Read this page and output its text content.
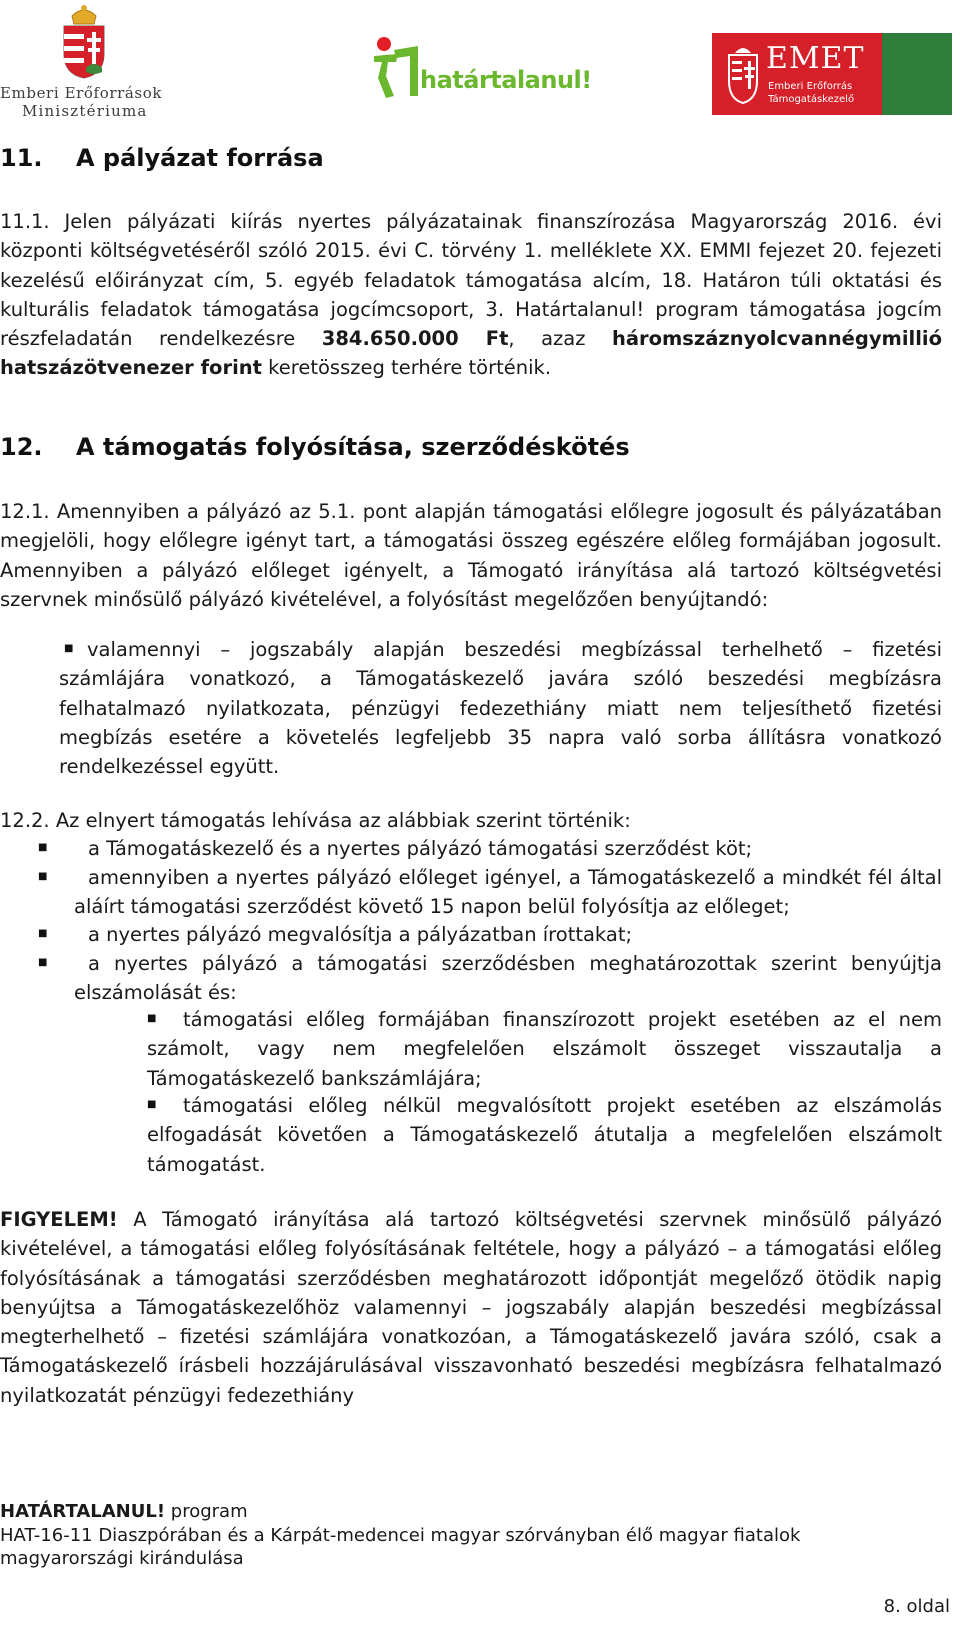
Emberi Erőforrások
Minisztériuma
határtalanul!
EMET
Emberi Erőforrás
Támogatáskezelő
11. A pályázat forrása

11.1. Jelen pályázati kiírás nyertes pályázatainak finanszírozása Magyarország 2016. évi központi költségvetéséről szóló 2015. évi C. törvény 1. melléklete XX. EMMI fejezet 20. fejezeti kezelésű előirányzat cím, 5. egyéb feladatok támogatása alcím, 18. Határon túli oktatási és kulturális feladatok támogatása jogcímcsoport, 3. Határtalanul! program támogatása jogcím részfeladatán rendelkezésre 384.650.000 Ft, azaz háromszáznyolcvannégymillió hatszázötvenezer forint keretösszeg terhére történik.

12. A támogatás folyósítása, szerződéskötés

12.1. Amennyiben a pályázó az 5.1. pont alapján támogatási előlegre jogosult és pályázatában megjelöli, hogy előlegre igényt tart, a támogatási összeg egészére előleg formájában jogosult. Amennyiben a pályázó előleget igényelt, a Támogató irányítása alá tartozó költségvetési szervnek minősülő pályázó kivételével, a folyósítást megelőzően benyújtandó:

■ valamennyi – jogszabály alapján beszedési megbízással terhelhető – fizetési számlájára vonatkozó, a Támogatáskezelő javára szóló beszedési megbízásra felhatalmazó nyilatkozata, pénzügyi fedezethiány miatt nem teljesíthető fizetési megbízás esetére a követelés legfeljebb 35 napra való sorba állításra vonatkozó rendelkezéssel együtt.

12.2. Az elnyert támogatás lehívása az alábbiak szerint történik:

■	a Támogatáskezelő és a nyertes pályázó támogatási szerződést köt;

■	amennyiben a nyertes pályázó előleget igényel, a Támogatáskezelő a mindkét fél által aláírt támogatási szerződést követő 15 napon belül folyósítja az előleget;

■	a nyertes pályázó megvalósítja a pályázatban írottakat;

■	a nyertes pályázó a támogatási szerződésben meghatározottak szerint benyújtja elszámolását és:

■	támogatási előleg formájában finanszírozott projekt esetében az el nem számolt, vagy nem megfelelően elszámolt összeget visszautalja a Támogatáskezelő bankszámlájára;

■	támogatási előleg nélkül megvalósított projekt esetében az elszámolás elfogadását követően a Támogatáskezelő átutalja a megfelelően elszámolt támogatást.

FIGYELEM! A Támogató irányítása alá tartozó költségvetési szervnek minősülő pályázó kivételével, a támogatási előleg folyósításának feltétele, hogy a pályázó – a támogatási előleg folyósításának a támogatási szerződésben meghatározott időpontját megelőző ötödik napig benyújtsa a Támogatáskezelőhöz valamennyi – jogszabály alapján beszedési megbízással megterhelhető – fizetési számlájára vonatkozóan, a Támogatáskezelő javára szóló, csak a Támogatáskezelő írásbeli hozzájárulásával visszavonható beszedési megbízásra felhatalmazó nyilatkozatát pénzügyi fedezethiány

HATÁRTALANUL! program
HAT-16-11 Diaszpórában és a Kárpát-medencei magyar szórványban élő magyar fiatalok
magyarországi kirándulása
8. oldal
